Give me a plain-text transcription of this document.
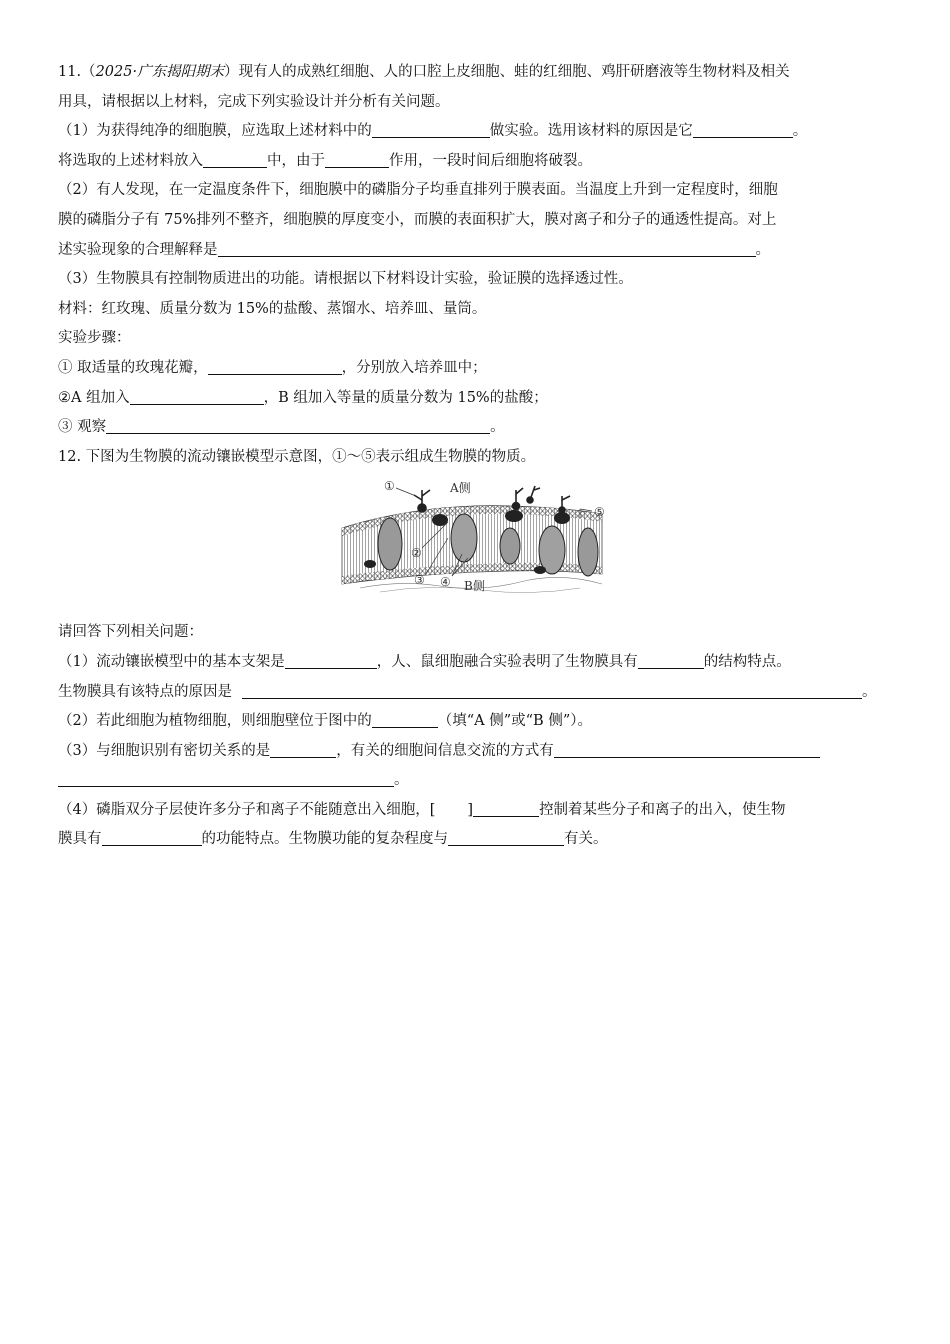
11.（2025·广东揭阳期末）现有人的成熟红细胞、人的口腔上皮细胞、蛙的红细胞、鸡肝研磨液等生物材料及相关
用具，请根据以上材料，完成下列实验设计并分析有关问题。
（1）为获得纯净的细胞膜，应选取上述材料中的	做实验。选用该材料的原因是它	。
将选取的上述材料放入	中，由于	作用，一段时间后细胞将破裂。
（2）有人发现，在一定温度条件下，细胞膜中的磷脂分子均垂直排列于膜表面。当温度上升到一定程度时，细胞
膜的磷脂分子有 75%排列不整齐，细胞膜的厚度变小，而膜的表面积扩大，膜对离子和分子的通透性提高。对上
述实验现象的合理解释是	。
（3）生物膜具有控制物质进出的功能。请根据以下材料设计实验，验证膜的选择透过性。
材料：红玫瑰、质量分数为 15%的盐酸、蒸馏水、培养皿、量筒。
实验步骤：
① 取适量的玫瑰花瓣，	，分别放入培养皿中；
②A 组加入	，B 组加入等量的质量分数为 15%的盐酸；
③ 观察	。
12. 下图为生物膜的流动镶嵌模型示意图，①～⑤表示组成生物膜的物质。
①	A侧
⑤
②
③ ④ B侧
请回答下列相关问题：
（1）流动镶嵌模型中的基本支架是	，人、鼠细胞融合实验表明了生物膜具有	的结构特点。
生物膜具有该特点的原因是	。
（2）若此细胞为植物细胞，则细胞壁位于图中的	（填“A 侧”或“B 侧”）。
（3）与细胞识别有密切关系的是	，有关的细胞间信息交流的方式有
。
（4）磷脂双分子层使许多分子和离子不能随意出入细胞，[ ]	控制着某些分子和离子的出入，使生物
膜具有	的功能特点。生物膜功能的复杂程度与	有关。
